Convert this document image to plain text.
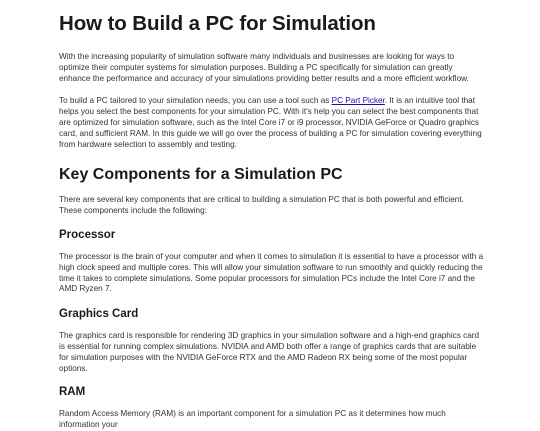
How to Build a PC for Simulation

With the increasing popularity of simulation software many individuals and businesses are looking for ways to optimize their computer systems for simulation purposes. Building a PC specifically for simulation can greatly enhance the performance and accuracy of your simulations providing better results and a more efficient workflow.

To build a PC tailored to your simulation needs, you can use a tool such as PC Part Picker. It is an intuitive tool that helps you select the best components for your simulation PC. With it's help you can select the best components that are optimized for simulation software, such as the Intel Core i7 or i9 processor, NVIDIA GeForce or Quadro graphics card, and sufficient RAM. In this guide we will go over the process of building a PC for simulation covering everything from hardware selection to assembly and testing.

Key Components for a Simulation PC

There are several key components that are critical to building a simulation PC that is both powerful and efficient. These components include the following:

Processor

The processor is the brain of your computer and when it comes to simulation it is essential to have a processor with a high clock speed and multiple cores. This will allow your simulation software to run smoothly and quickly reducing the time it takes to complete simulations. Some popular processors for simulation PCs include the Intel Core i7 and the AMD Ryzen 7.

Graphics Card

The graphics card is responsible for rendering 3D graphics in your simulation software and a high-end graphics card is essential for running complex simulations. NVIDIA and AMD both offer a range of graphics cards that are suitable for simulation purposes with the NVIDIA GeForce RTX and the AMD Radeon RX being some of the most popular options.

RAM

Random Access Memory (RAM) is an important component for a simulation PC as it determines how much information your
